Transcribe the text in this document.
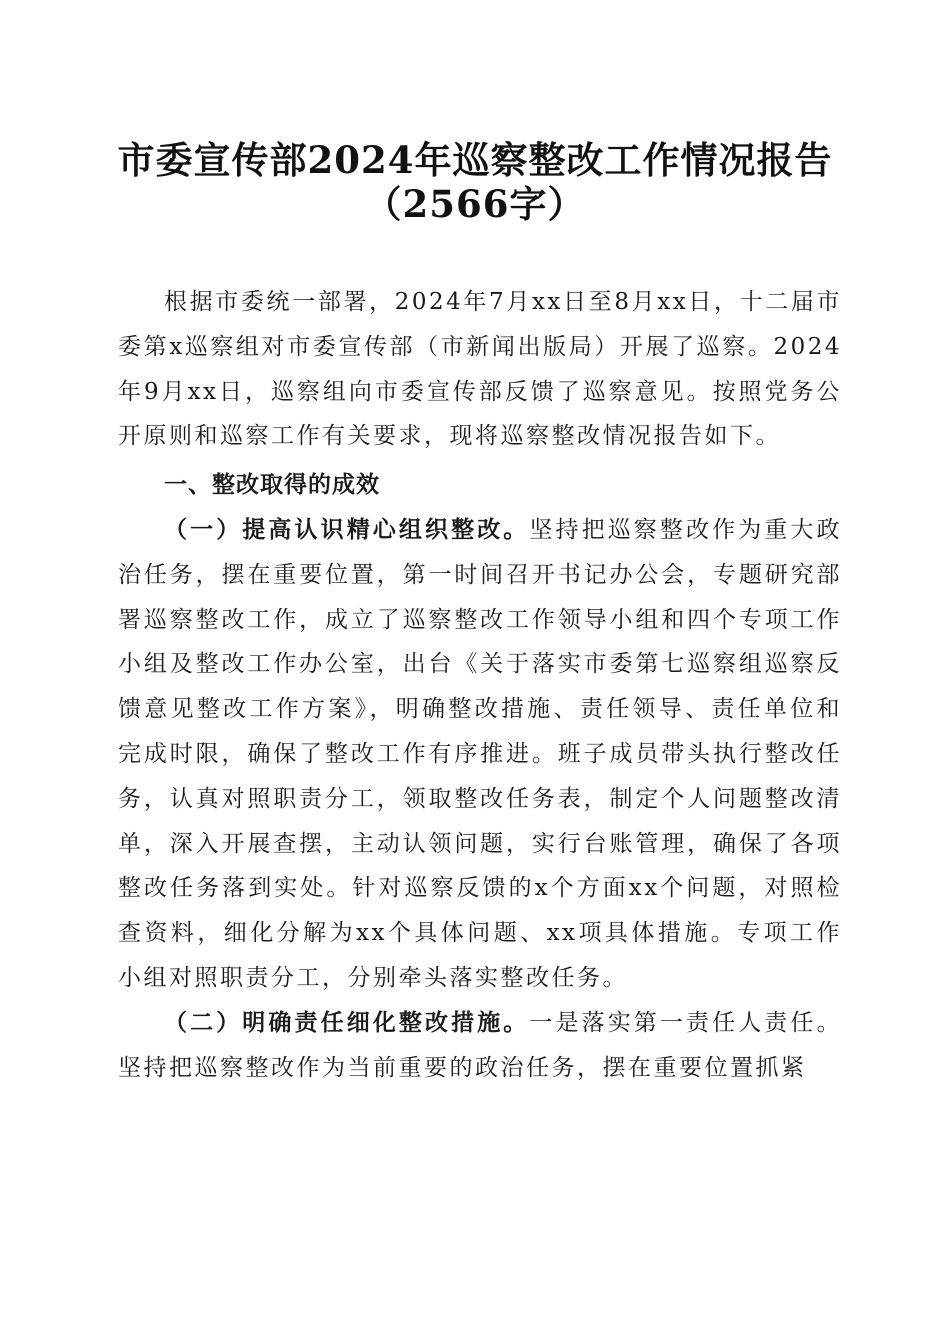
市委宣传部2024年巡察整改工作情况报告
（2566字）

根据市委统一部署，2024年7月xx日至8月xx日，十二届市委第x巡察组对市委宣传部（市新闻出版局）开展了巡察。2024年9月xx日，巡察组向市委宣传部反馈了巡察意见。按照党务公开原则和巡察工作有关要求，现将巡察整改情况报告如下。

一、整改取得的成效

（一）提高认识精心组织整改。坚持把巡察整改作为重大政治任务，摆在重要位置，第一时间召开书记办公会，专题研究部署巡察整改工作，成立了巡察整改工作领导小组和四个专项工作小组及整改工作办公室，出台《关于落实市委第七巡察组巡察反馈意见整改工作方案》，明确整改措施、责任领导、责任单位和完成时限，确保了整改工作有序推进。班子成员带头执行整改任务，认真对照职责分工，领取整改任务表，制定个人问题整改清单，深入开展查摆，主动认领问题，实行台账管理，确保了各项整改任务落到实处。针对巡察反馈的x个方面xx个问题，对照检查资料，细化分解为xx个具体问题、xx项具体措施。专项工作小组对照职责分工，分别牵头落实整改任务。

（二）明确责任细化整改措施。一是落实第一责任人责任。坚持把巡察整改作为当前重要的政治任务，摆在重要位置抓紧
